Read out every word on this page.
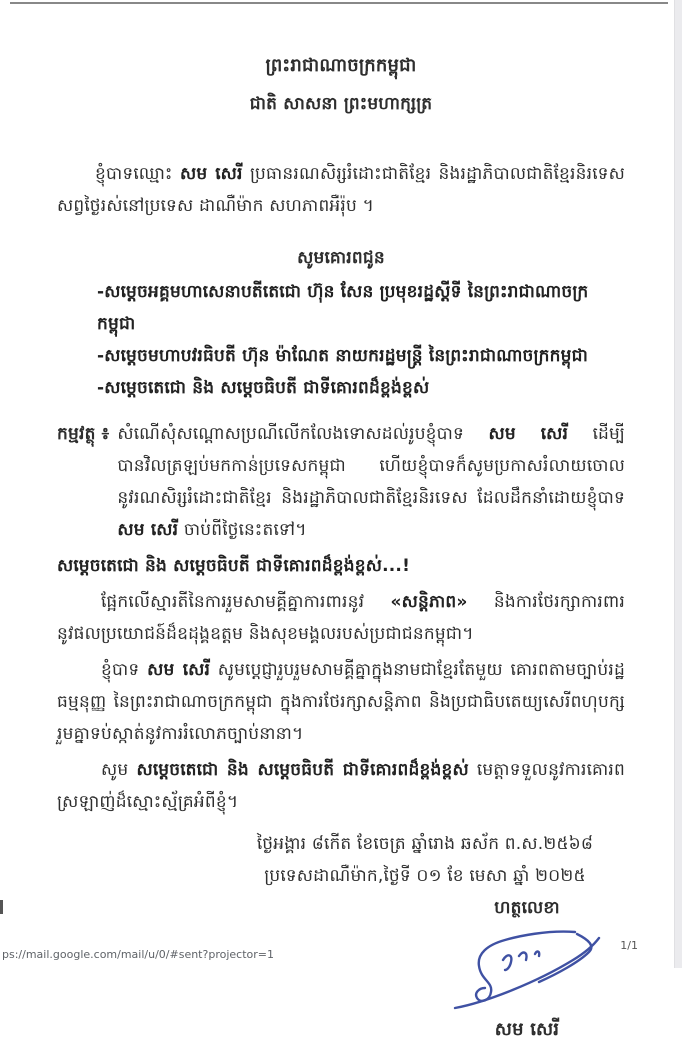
ព្រះរាជាណាចក្រកម្ពុជា
ជាតិ សាសនា ព្រះមហាក្សត្រ

ខ្ញុំបាទឈ្មោះ សម សេរី ប្រធានរណសិរ្សរំដោះជាតិខ្មែរ និងរដ្ឋាភិបាលជាតិខ្មែរនិរទេស សព្វថ្ងៃរស់នៅប្រទេស ដាណឺម៉ាក សហភាពអឺរ៉ុប ។

សូមគោរពជូន
-សម្តេចអគ្គមហាសេនាបតីតេជោ ហ៊ុន សែន ប្រមុខរដ្ឋស្តីទី នៃព្រះរាជាណាចក្រកម្ពុជា
-សម្តេចមហាបវរធិបតី ហ៊ុន ម៉ាណែត នាយករដ្ឋមន្ត្រី នៃព្រះរាជាណាចក្រកម្ពុជា
-សម្តេចតេជោ និង សម្តេចធិបតី ជាទីគោរពដ៏ខ្ពង់ខ្ពស់
កម្មវត្ថុ ៖ សំណើសុំសណ្តោសប្រណីលើកលែងទោសដល់រូបខ្ញុំបាទ សម សេរី ដើម្បីបានវិលត្រឡប់មកកាន់ប្រទេសកម្ពុជា ហើយខ្ញុំបាទក៏សូមប្រកាសរំលាយចោលនូវរណសិរ្សរំដោះជាតិខ្មែរ និងរដ្ឋាភិបាលជាតិខ្មែរនិរទេស ដែលដឹកនាំដោយខ្ញុំបាទ សម សេរី ចាប់ពីថ្ងៃនេះតទៅ។
សម្តេចតេជោ និង សម្តេចធិបតី ជាទីគោរពដ៏ខ្ពង់ខ្ពស់...!

ផ្អែកលើស្មារតីនៃការរួមសាមគ្គីគ្នាការពារនូវ «សន្តិភាព» និងការថែរក្សាការពារនូវផលប្រយោជន៍ដ៏ឧដុង្គឧត្តម និងសុខមង្គលរបស់ប្រជាជនកម្ពុជា។

ខ្ញុំបាទ សម សេរី សូមប្តេជ្ញារួបរួមសាមគ្គីគ្នាក្នុងនាមជាខ្មែរតែមួយ គោរពតាមច្បាប់រដ្ឋធម្មនុញ្ញ នៃព្រះរាជាណាចក្រកម្ពុជា ក្នុងការថែរក្សាសន្តិភាព និងប្រជាធិបតេយ្យសេរីពហុបក្ស រួមគ្នាទប់ស្កាត់នូវការរំលោភច្បាប់នានា។

សូម សម្តេចតេជោ និង សម្តេចធិបតី ជាទីគោរពដ៏ខ្ពង់ខ្ពស់ មេត្តាទទួលនូវការគោរពស្រឡាញ់ដ៏ស្មោះស្ម័គ្រអំពីខ្ញុំ។

ថ្ងៃអង្គារ ៨កើត ខែចេត្រ ឆ្នាំរោង ឆស័ក ព.ស.២៥៦៨
ប្រទេសដាណឺម៉ាក,ថ្ងៃទី ០១ ខែ មេសា ឆ្នាំ ២០២៥
ហត្ថលេខា
សម សេរី
ps://mail.google.com/mail/u/0/#sent?projector=1
1/1
